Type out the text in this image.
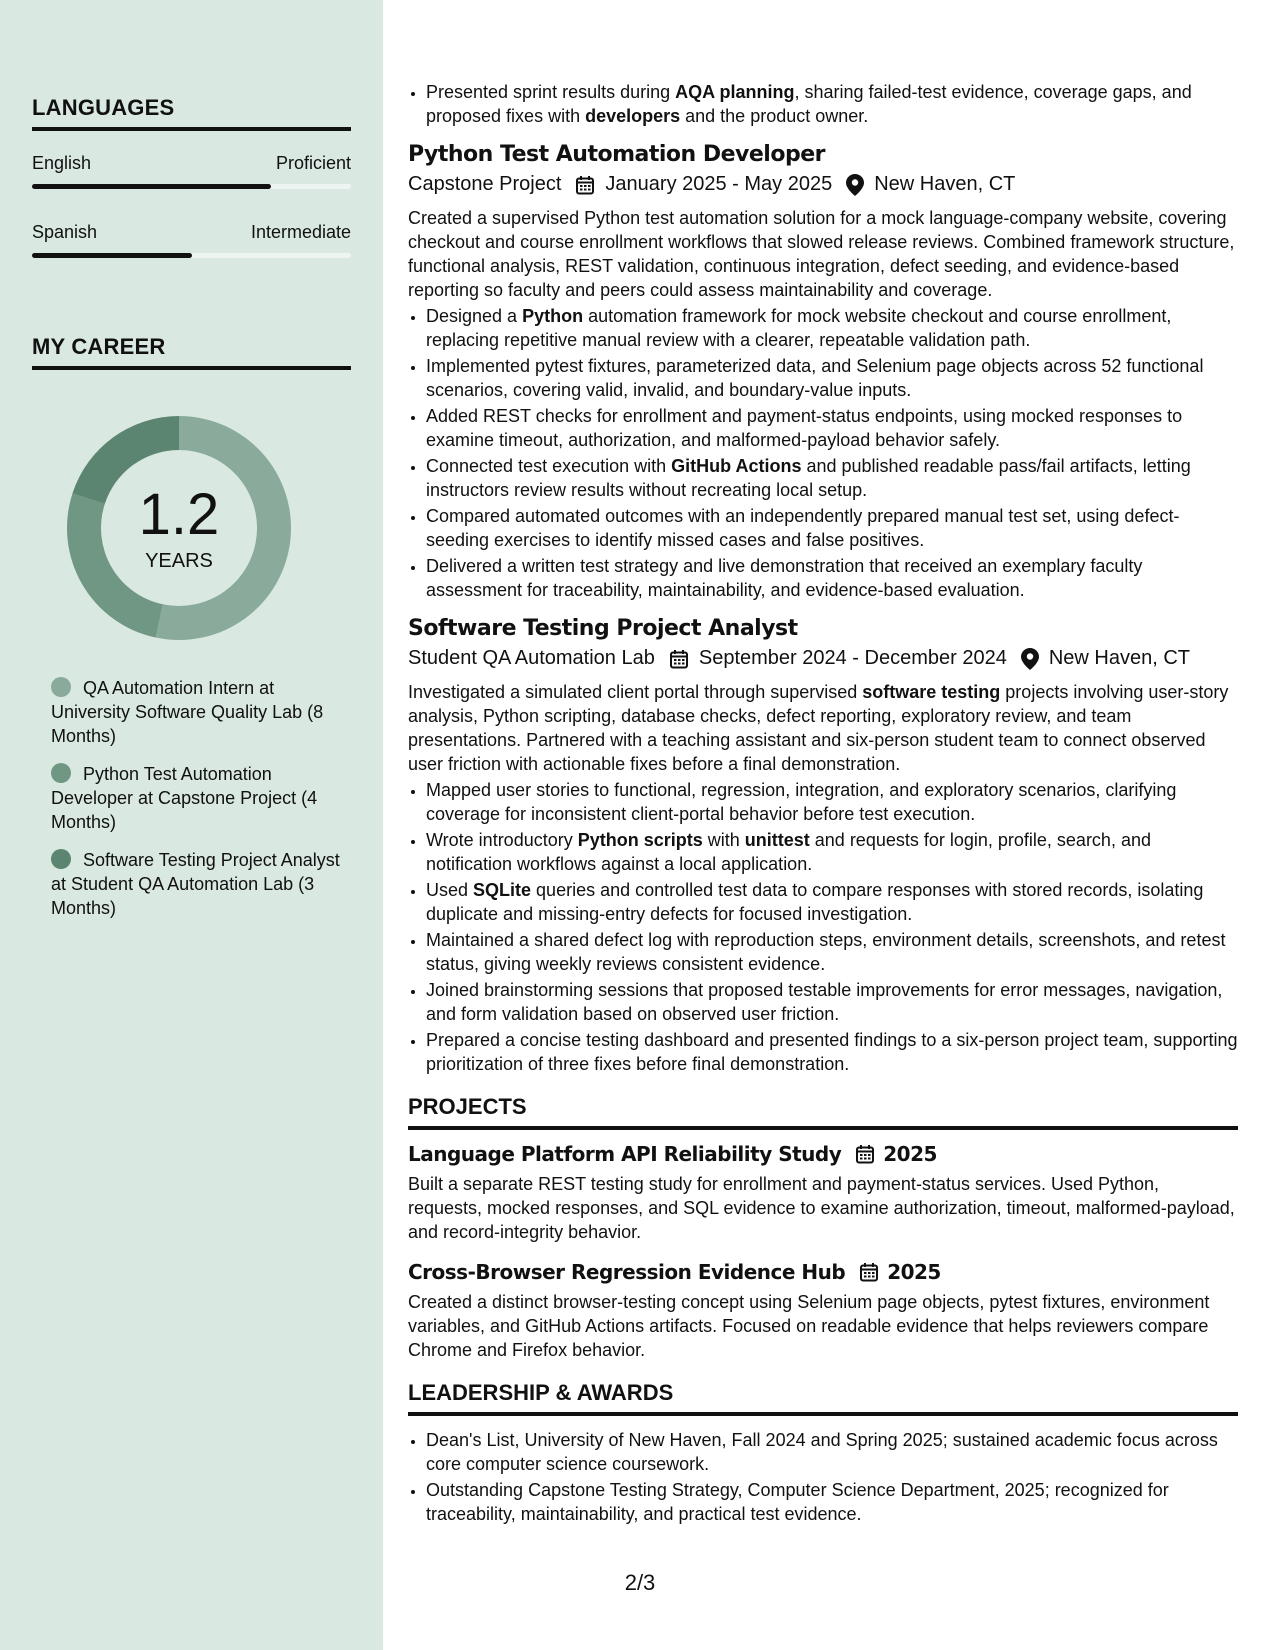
LANGUAGES
English	Proficient
Spanish	Intermediate
MY CAREER
1.2
YEARS
QA Automation Intern at University Software Quality Lab (8 Months)
Python Test Automation Developer at Capstone Project (4 Months)
Software Testing Project Analyst at Student QA Automation Lab (3 Months)
• Presented sprint results during AQA planning, sharing failed-test evidence, coverage gaps, and proposed fixes with developers and the product owner.
Python Test Automation Developer
Capstone Project January 2025 - May 2025 New Haven, CT
Created a supervised Python test automation solution for a mock language-company website, covering checkout and course enrollment workflows that slowed release reviews. Combined framework structure, functional analysis, REST validation, continuous integration, defect seeding, and evidence-based reporting so faculty and peers could assess maintainability and coverage.
• Designed a Python automation framework for mock website checkout and course enrollment, replacing repetitive manual review with a clearer, repeatable validation path.
• Implemented pytest fixtures, parameterized data, and Selenium page objects across 52 functional scenarios, covering valid, invalid, and boundary-value inputs.
• Added REST checks for enrollment and payment-status endpoints, using mocked responses to examine timeout, authorization, and malformed-payload behavior safely.
• Connected test execution with GitHub Actions and published readable pass/fail artifacts, letting instructors review results without recreating local setup.
• Compared automated outcomes with an independently prepared manual test set, using defect-seeding exercises to identify missed cases and false positives.
• Delivered a written test strategy and live demonstration that received an exemplary faculty assessment for traceability, maintainability, and evidence-based evaluation.
Software Testing Project Analyst
Student QA Automation Lab September 2024 - December 2024 New Haven, CT
Investigated a simulated client portal through supervised software testing projects involving user-story analysis, Python scripting, database checks, defect reporting, exploratory review, and team presentations. Partnered with a teaching assistant and six-person student team to connect observed user friction with actionable fixes before a final demonstration.
• Mapped user stories to functional, regression, integration, and exploratory scenarios, clarifying coverage for inconsistent client-portal behavior before test execution.
• Wrote introductory Python scripts with unittest and requests for login, profile, search, and notification workflows against a local application.
• Used SQLite queries and controlled test data to compare responses with stored records, isolating duplicate and missing-entry defects for focused investigation.
• Maintained a shared defect log with reproduction steps, environment details, screenshots, and retest status, giving weekly reviews consistent evidence.
• Joined brainstorming sessions that proposed testable improvements for error messages, navigation, and form validation based on observed user friction.
• Prepared a concise testing dashboard and presented findings to a six-person project team, supporting prioritization of three fixes before final demonstration.
PROJECTS
Language Platform API Reliability Study 2025
Built a separate REST testing study for enrollment and payment-status services. Used Python, requests, mocked responses, and SQL evidence to examine authorization, timeout, malformed-payload, and record-integrity behavior.
Cross-Browser Regression Evidence Hub 2025
Created a distinct browser-testing concept using Selenium page objects, pytest fixtures, environment variables, and GitHub Actions artifacts. Focused on readable evidence that helps reviewers compare Chrome and Firefox behavior.
LEADERSHIP & AWARDS
• Dean's List, University of New Haven, Fall 2024 and Spring 2025; sustained academic focus across core computer science coursework.
• Outstanding Capstone Testing Strategy, Computer Science Department, 2025; recognized for traceability, maintainability, and practical test evidence.
2/3
